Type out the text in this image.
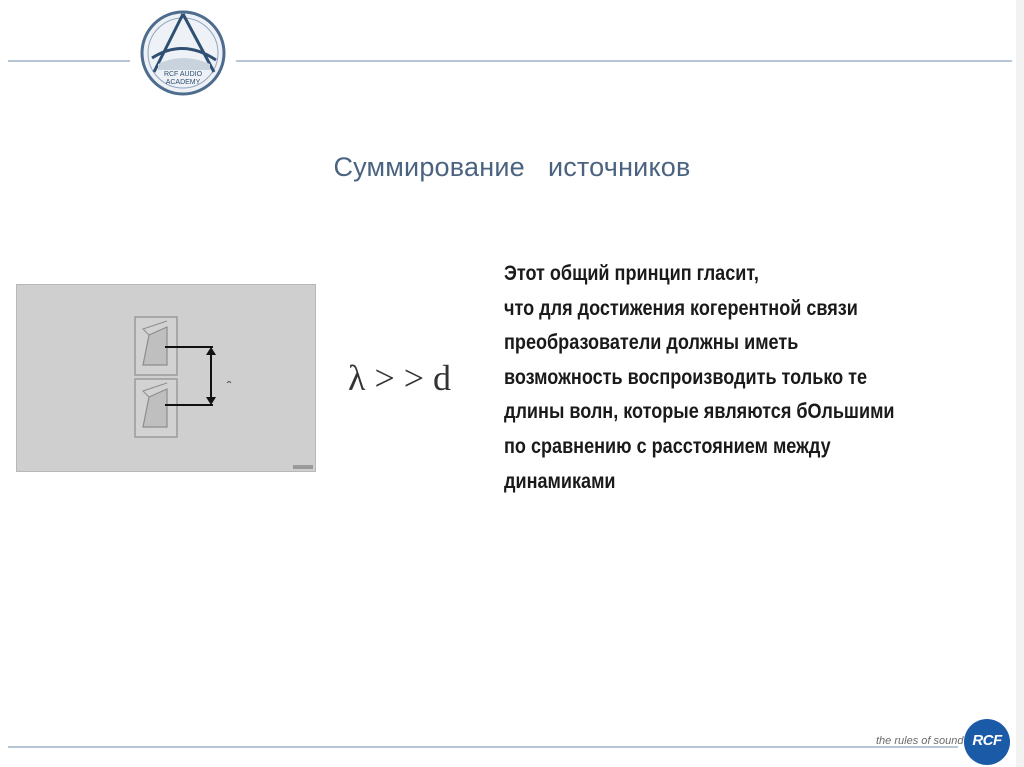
RCF AUDIO
ACADEMY
Суммирование   источников
λ > > d
Этот общий принцип гласит,
что для достижения когерентной связи
преобразователи должны иметь
возможность воспроизводить только те
длины волн, которые являются бОльшими
по сравнению с расстоянием между
динамиками
the rules of sound RCF
